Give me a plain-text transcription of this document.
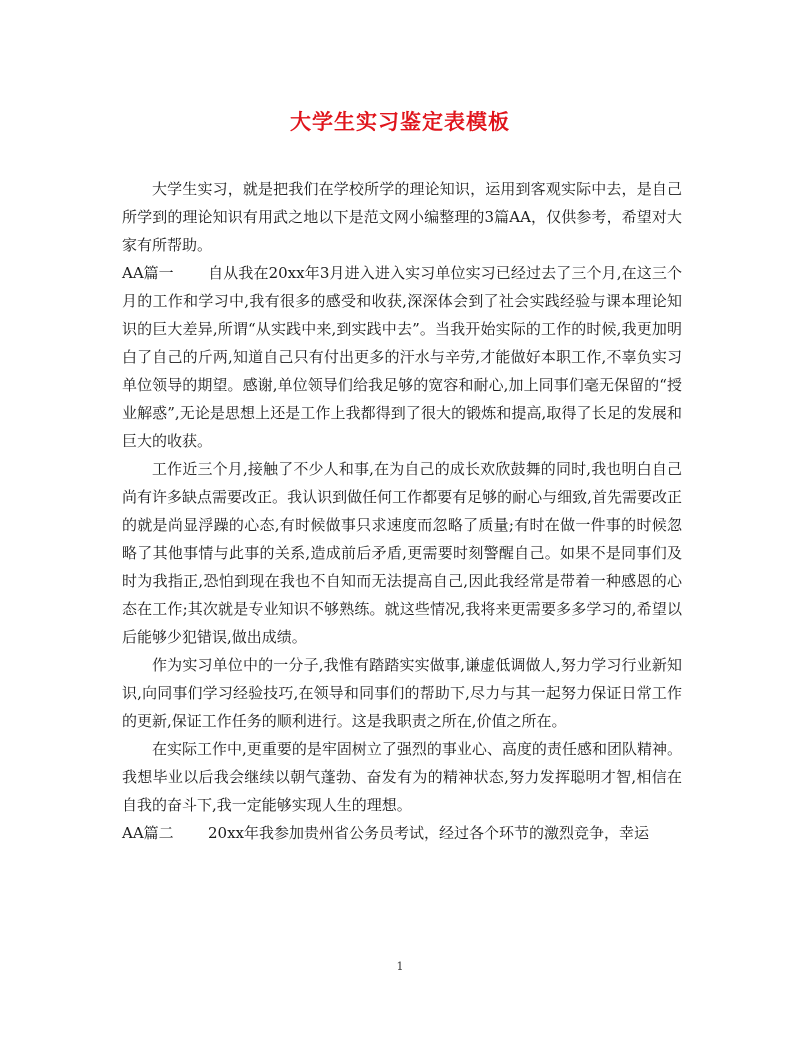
大学生实习鉴定表模板

大学生实习，就是把我们在学校所学的理论知识，运用到客观实际中去，是自己所学到的理论知识有用武之地以下是范文网小编整理的3篇AA，仅供参考，希望对大家有所帮助。

AA篇一 自从我在20xx年3月进入进入实习单位实习已经过去了三个月,在这三个月的工作和学习中,我有很多的感受和收获,深深体会到了社会实践经验与课本理论知识的巨大差异,所谓“从实践中来,到实践中去”。当我开始实际的工作的时候,我更加明白了自己的斤两,知道自己只有付出更多的汗水与辛劳,才能做好本职工作,不辜负实习单位领导的期望。感谢,单位领导们给我足够的宽容和耐心,加上同事们毫无保留的“授业解惑”,无论是思想上还是工作上我都得到了很大的锻炼和提高,取得了长足的发展和巨大的收获。

工作近三个月,接触了不少人和事,在为自己的成长欢欣鼓舞的同时,我也明白自己尚有许多缺点需要改正。我认识到做任何工作都要有足够的耐心与细致,首先需要改正的就是尚显浮躁的心态,有时候做事只求速度而忽略了质量;有时在做一件事的时候忽略了其他事情与此事的关系,造成前后矛盾,更需要时刻警醒自己。如果不是同事们及时为我指正,恐怕到现在我也不自知而无法提高自己,因此我经常是带着一种感恩的心态在工作;其次就是专业知识不够熟练。就这些情况,我将来更需要多多学习的,希望以后能够少犯错误,做出成绩。

作为实习单位中的一分子,我惟有踏踏实实做事,谦虚低调做人,努力学习行业新知识,向同事们学习经验技巧,在领导和同事们的帮助下,尽力与其一起努力保证日常工作的更新,保证工作任务的顺利进行。这是我职责之所在,价值之所在。

在实际工作中,更重要的是牢固树立了强烈的事业心、高度的责任感和团队精神。我想毕业以后我会继续以朝气蓬勃、奋发有为的精神状态,努力发挥聪明才智,相信在自我的奋斗下,我一定能够实现人生的理想。

AA篇二 20xx年我参加贵州省公务员考试，经过各个环节的激烈竞争，幸运

1
